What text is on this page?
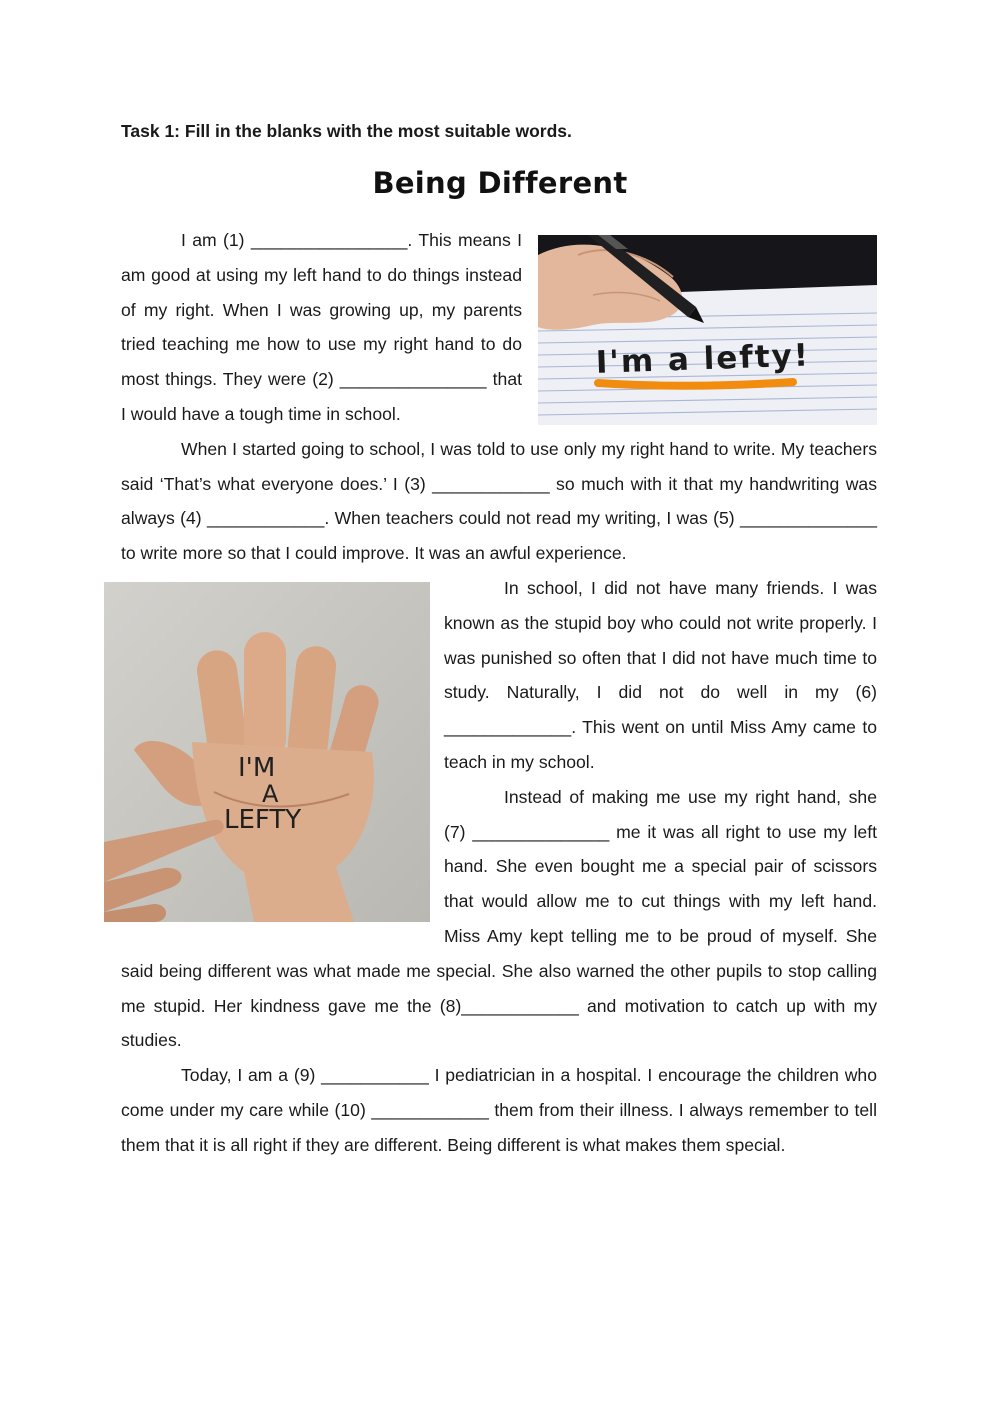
Task 1: Fill in the blanks with the most suitable words.

Being Different
I'm a lefty!

I am (1) ________________. This means I am good at using my left hand to do things instead of my right. When I was growing up, my parents tried teaching me how to use my right hand to do most things. They were (2) _______________ that I would have a tough time in school.

When I started going to school, I was told to use only my right hand to write. My teachers said ‘That’s what everyone does.’ I (3) ____________ so much with it that my handwriting was always (4) ____________. When teachers could not read my writing, I was (5) ______________ to write more so that I could improve. It was an awful experience.

I'M
A
LEFTY

In school, I did not have many friends. I was known as the stupid boy who could not write properly. I was punished so often that I did not have much time to study. Naturally, I did not do well in my (6) _____________. This went on until Miss Amy came to teach in my school.

Instead of making me use my right hand, she (7) ______________ me it was all right to use my left hand. She even bought me a special pair of scissors that would allow me to cut things with my left hand. Miss Amy kept telling me to be proud of myself. She said being different was what made me special. She also warned the other pupils to stop calling me stupid. Her kindness gave me the (8)____________ and motivation to catch up with my studies.

Today, I am a (9) ___________ I pediatrician in a hospital. I encourage the children who come under my care while (10) ____________ them from their illness. I always remember to tell them that it is all right if they are different. Being different is what makes them special.
